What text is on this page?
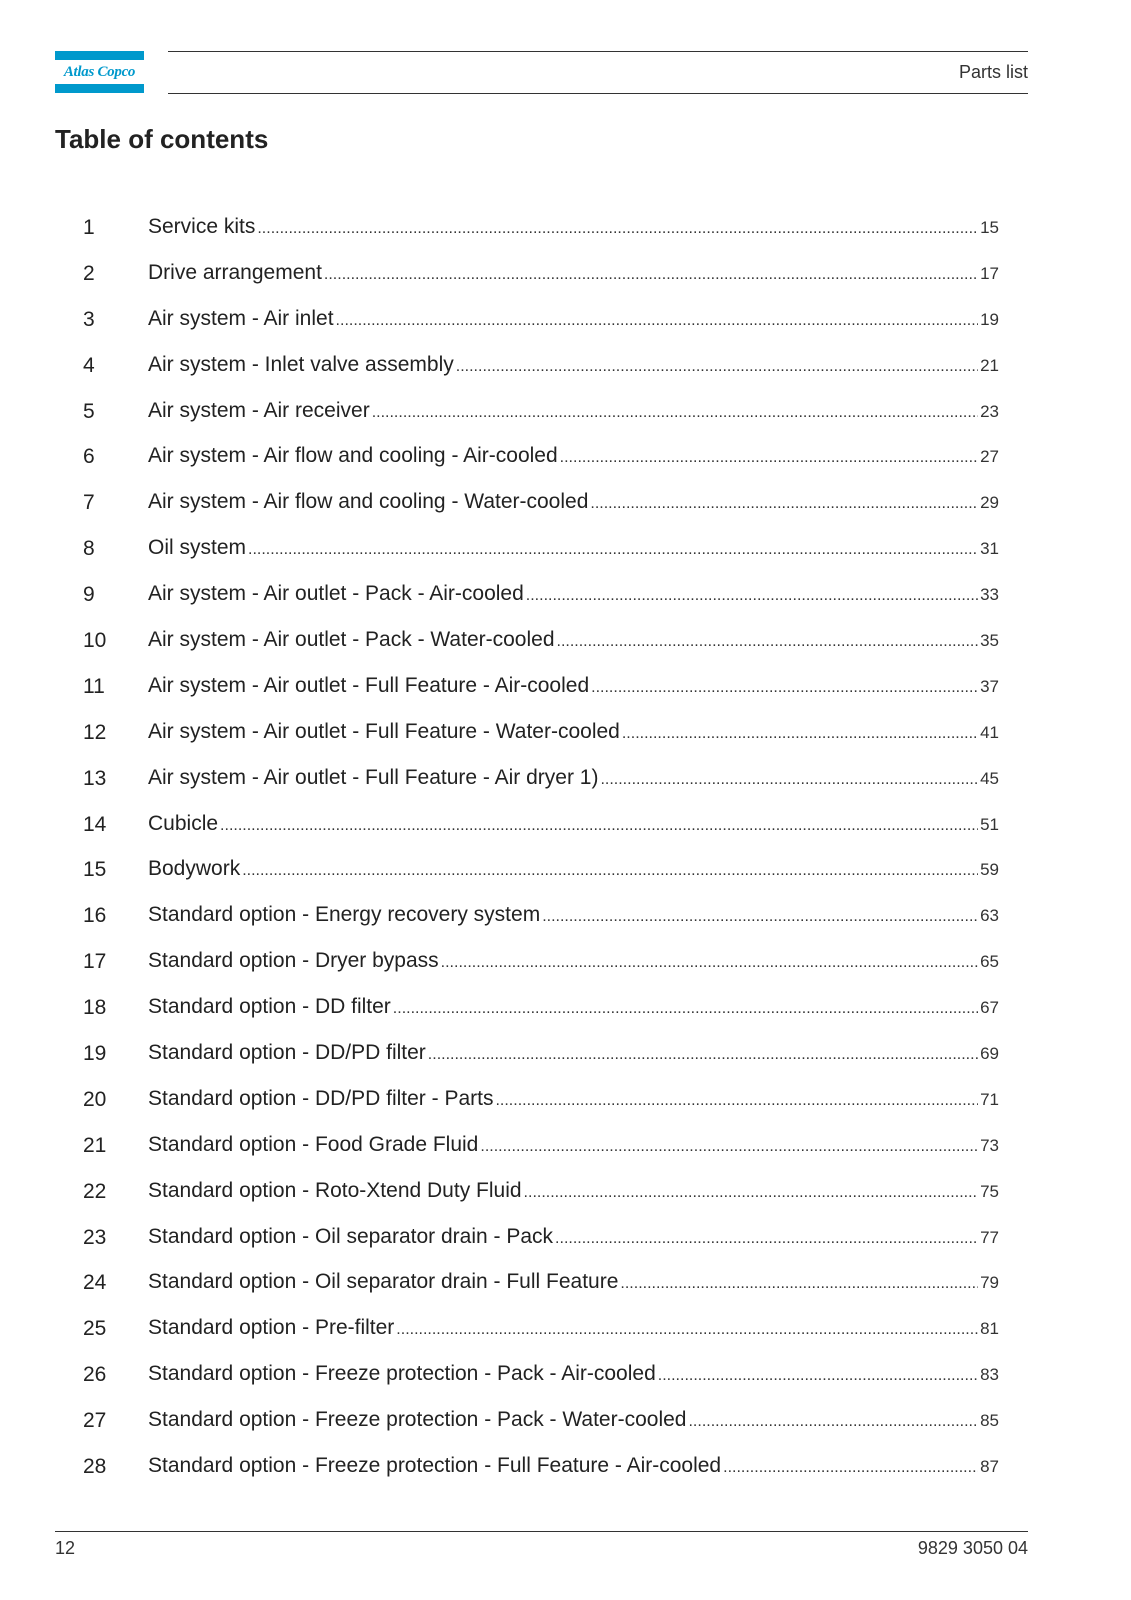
Atlas Copco	Parts list
Table of contents
1	Service kits .....	15
2	Drive arrangement .....	17
3	Air system - Air inlet .....	19
4	Air system - Inlet valve assembly .....	21
5	Air system - Air receiver .....	23
6	Air system - Air flow and cooling - Air-cooled .....	27
7	Air system - Air flow and cooling - Water-cooled .....	29
8	Oil system .....	31
9	Air system - Air outlet - Pack - Air-cooled .....	33
10	Air system - Air outlet - Pack - Water-cooled .....	35
11	Air system - Air outlet - Full Feature - Air-cooled .....	37
12	Air system - Air outlet - Full Feature - Water-cooled .....	41
13	Air system - Air outlet - Full Feature - Air dryer 1) .....	45
14	Cubicle .....	51
15	Bodywork .....	59
16	Standard option - Energy recovery system .....	63
17	Standard option - Dryer bypass .....	65
18	Standard option - DD filter .....	67
19	Standard option - DD/PD filter .....	69
20	Standard option - DD/PD filter - Parts .....	71
21	Standard option - Food Grade Fluid .....	73
22	Standard option - Roto-Xtend Duty Fluid .....	75
23	Standard option - Oil separator drain - Pack .....	77
24	Standard option - Oil separator drain - Full Feature .....	79
25	Standard option - Pre-filter .....	81
26	Standard option - Freeze protection - Pack - Air-cooled .....	83
27	Standard option - Freeze protection - Pack - Water-cooled .....	85
28	Standard option - Freeze protection - Full Feature - Air-cooled .....	87
12	9829 3050 04
